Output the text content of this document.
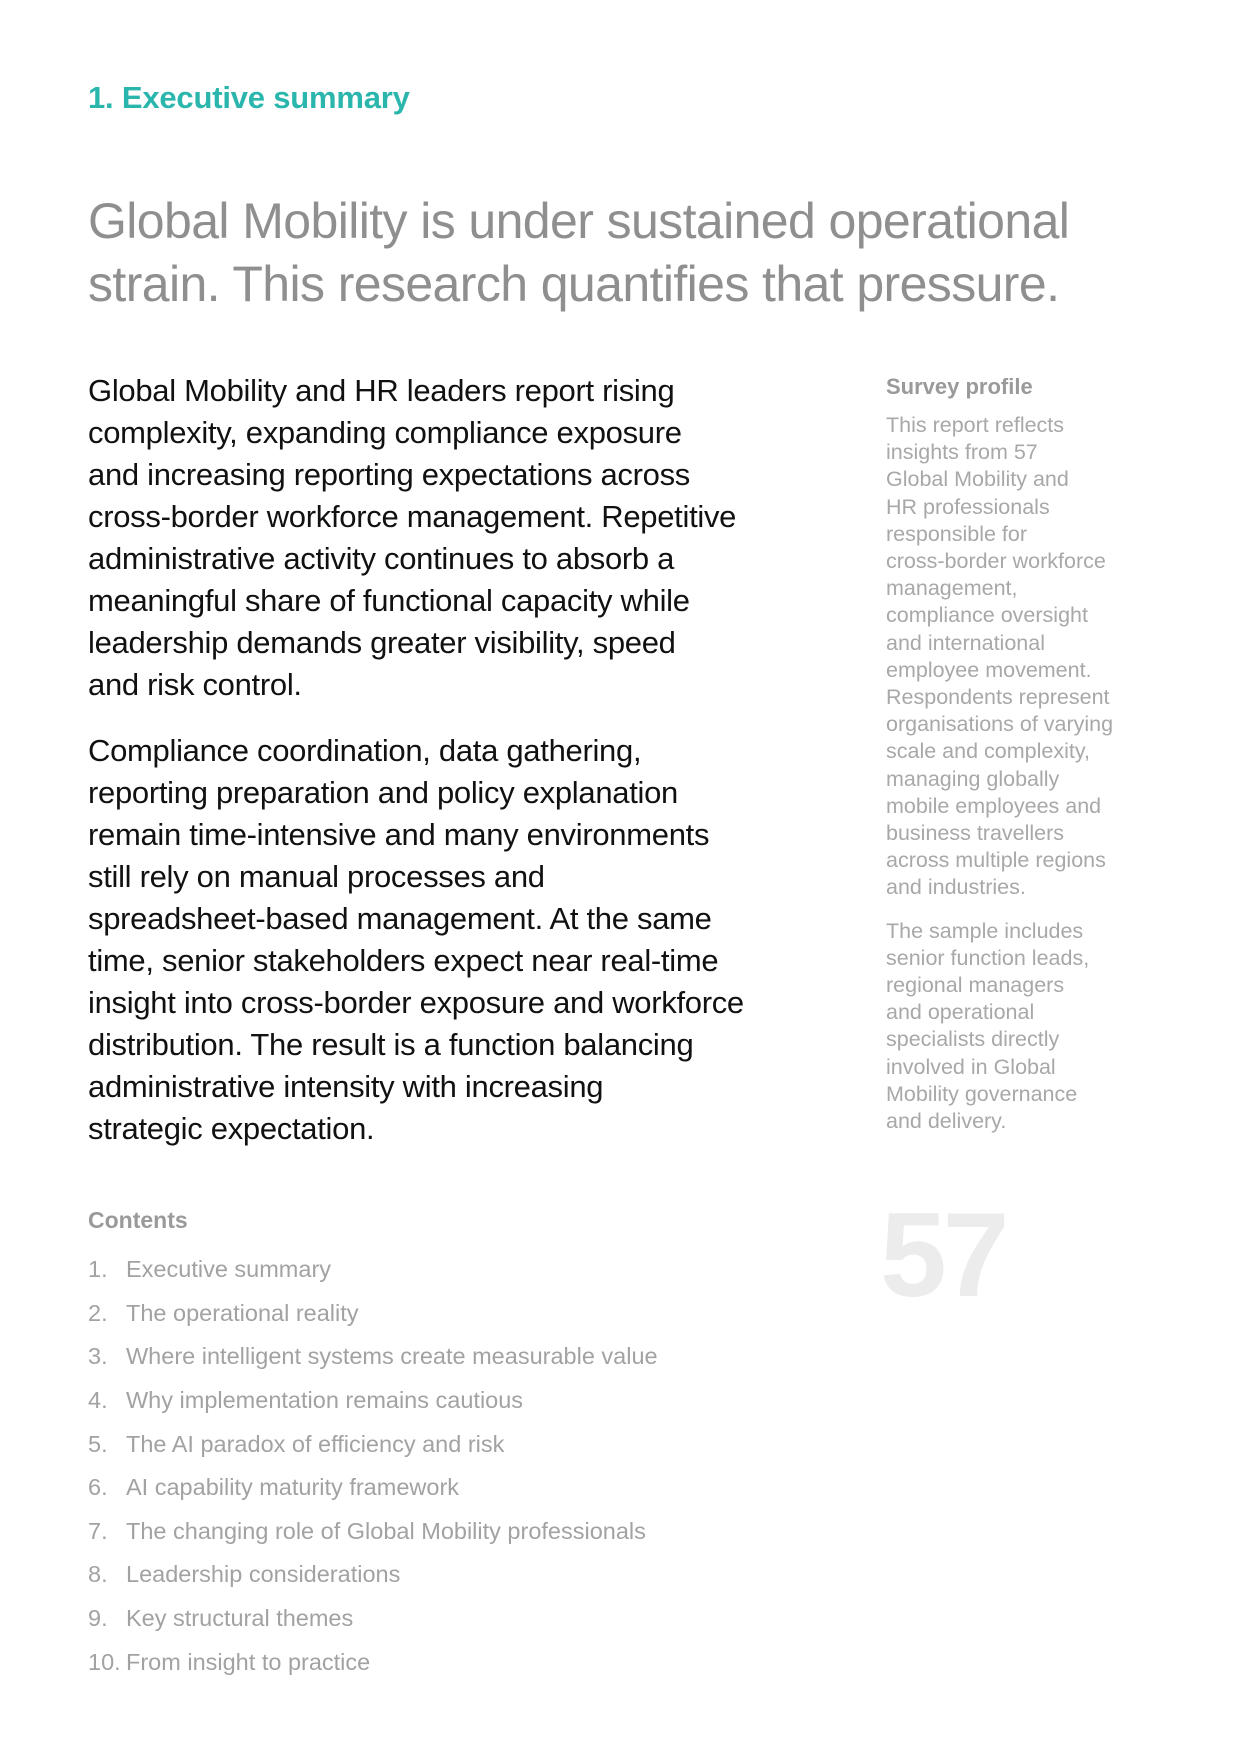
1. Executive summary
Global Mobility is under sustained operational
strain. This research quantifies that pressure.

Global Mobility and HR leaders report rising
complexity, expanding compliance exposure
and increasing reporting expectations across
cross-border workforce management. Repetitive
administrative activity continues to absorb a
meaningful share of functional capacity while
leadership demands greater visibility, speed
and risk control.

Compliance coordination, data gathering,
reporting preparation and policy explanation
remain time-intensive and many environments
still rely on manual processes and
spreadsheet-based management. At the same
time, senior stakeholders expect near real-time
insight into cross-border exposure and workforce
distribution. The result is a function balancing
administrative intensity with increasing
strategic expectation.

Survey profile

This report reflects
insights from 57
Global Mobility and
HR professionals
responsible for
cross-border workforce
management,
compliance oversight
and international
employee movement.
Respondents represent
organisations of varying
scale and complexity,
managing globally
mobile employees and
business travellers
across multiple regions
and industries.

The sample includes
senior function leads,
regional managers
and operational
specialists directly
involved in Global
Mobility governance
and delivery.

57
Contents
1. Executive summary
2. The operational reality
3. Where intelligent systems create measurable value
4. Why implementation remains cautious
5. The AI paradox of efficiency and risk
6. AI capability maturity framework
7. The changing role of Global Mobility professionals
8. Leadership considerations
9. Key structural themes
10. From insight to practice
